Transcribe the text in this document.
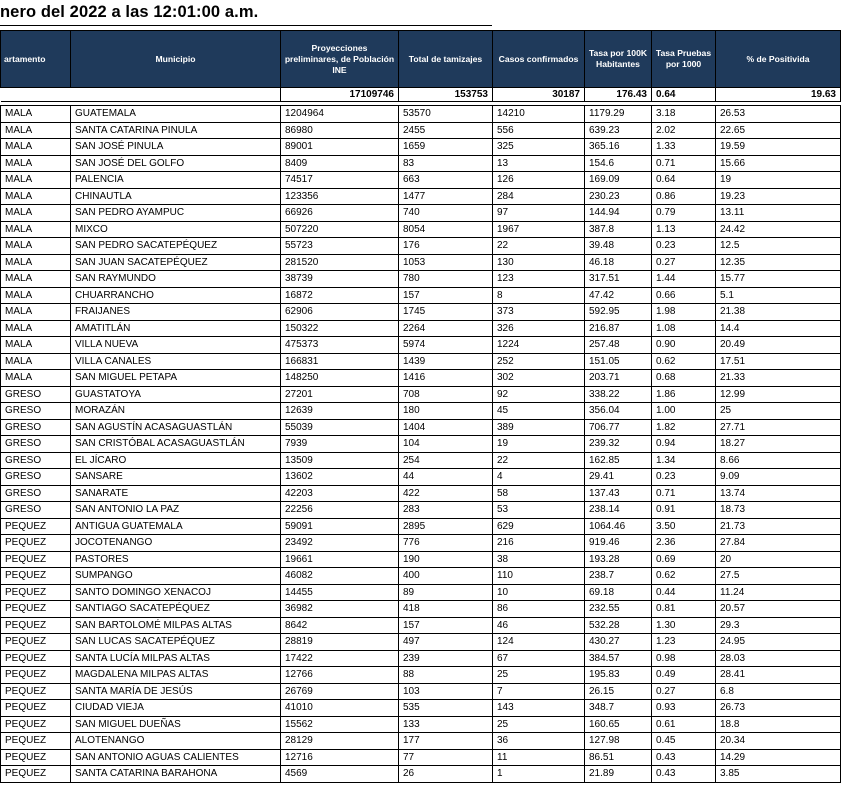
nero del 2022 a las 12:01:00 a.m.
artamento	Municipio	Proyecciones preliminares, de Población INE	Total de tamizajes	Casos confirmados	Tasa por 100K Habitantes	Tasa Pruebas por 1000	% de Positivida
		17109746	153753	30187	176.43	0.64	19.63

MALA	GUATEMALA	1204964	53570	14210	1179.29	3.18	26.53
MALA	SANTA CATARINA PINULA	86980	2455	556	639.23	2.02	22.65
MALA	SAN JOSÉ PINULA	89001	1659	325	365.16	1.33	19.59
MALA	SAN JOSÉ DEL GOLFO	8409	83	13	154.6	0.71	15.66
MALA	PALENCIA	74517	663	126	169.09	0.64	19
MALA	CHINAUTLA	123356	1477	284	230.23	0.86	19.23
MALA	SAN PEDRO AYAMPUC	66926	740	97	144.94	0.79	13.11
MALA	MIXCO	507220	8054	1967	387.8	1.13	24.42
MALA	SAN PEDRO SACATEPÉQUEZ	55723	176	22	39.48	0.23	12.5
MALA	SAN JUAN SACATEPÉQUEZ	281520	1053	130	46.18	0.27	12.35
MALA	SAN RAYMUNDO	38739	780	123	317.51	1.44	15.77
MALA	CHUARRANCHO	16872	157	8	47.42	0.66	5.1
MALA	FRAIJANES	62906	1745	373	592.95	1.98	21.38
MALA	AMATITLÁN	150322	2264	326	216.87	1.08	14.4
MALA	VILLA NUEVA	475373	5974	1224	257.48	0.90	20.49
MALA	VILLA CANALES	166831	1439	252	151.05	0.62	17.51
MALA	SAN MIGUEL PETAPA	148250	1416	302	203.71	0.68	21.33
GRESO	GUASTATOYA	27201	708	92	338.22	1.86	12.99
GRESO	MORAZÁN	12639	180	45	356.04	1.00	25
GRESO	SAN AGUSTÍN ACASAGUASTLÁN	55039	1404	389	706.77	1.82	27.71
GRESO	SAN CRISTÓBAL ACASAGUASTLÁN	7939	104	19	239.32	0.94	18.27
GRESO	EL JÍCARO	13509	254	22	162.85	1.34	8.66
GRESO	SANSARE	13602	44	4	29.41	0.23	9.09
GRESO	SANARATE	42203	422	58	137.43	0.71	13.74
GRESO	SAN ANTONIO LA PAZ	22256	283	53	238.14	0.91	18.73
PEQUEZ	ANTIGUA GUATEMALA	59091	2895	629	1064.46	3.50	21.73
PEQUEZ	JOCOTENANGO	23492	776	216	919.46	2.36	27.84
PEQUEZ	PASTORES	19661	190	38	193.28	0.69	20
PEQUEZ	SUMPANGO	46082	400	110	238.7	0.62	27.5
PEQUEZ	SANTO DOMINGO XENACOJ	14455	89	10	69.18	0.44	11.24
PEQUEZ	SANTIAGO SACATEPÉQUEZ	36982	418	86	232.55	0.81	20.57
PEQUEZ	SAN BARTOLOMÉ MILPAS ALTAS	8642	157	46	532.28	1.30	29.3
PEQUEZ	SAN LUCAS SACATEPÉQUEZ	28819	497	124	430.27	1.23	24.95
PEQUEZ	SANTA LUCÍA MILPAS ALTAS	17422	239	67	384.57	0.98	28.03
PEQUEZ	MAGDALENA MILPAS ALTAS	12766	88	25	195.83	0.49	28.41
PEQUEZ	SANTA MARÍA DE JESÚS	26769	103	7	26.15	0.27	6.8
PEQUEZ	CIUDAD VIEJA	41010	535	143	348.7	0.93	26.73
PEQUEZ	SAN MIGUEL DUEÑAS	15562	133	25	160.65	0.61	18.8
PEQUEZ	ALOTENANGO	28129	177	36	127.98	0.45	20.34
PEQUEZ	SAN ANTONIO AGUAS CALIENTES	12716	77	11	86.51	0.43	14.29
PEQUEZ	SANTA CATARINA BARAHONA	4569	26	1	21.89	0.43	3.85
